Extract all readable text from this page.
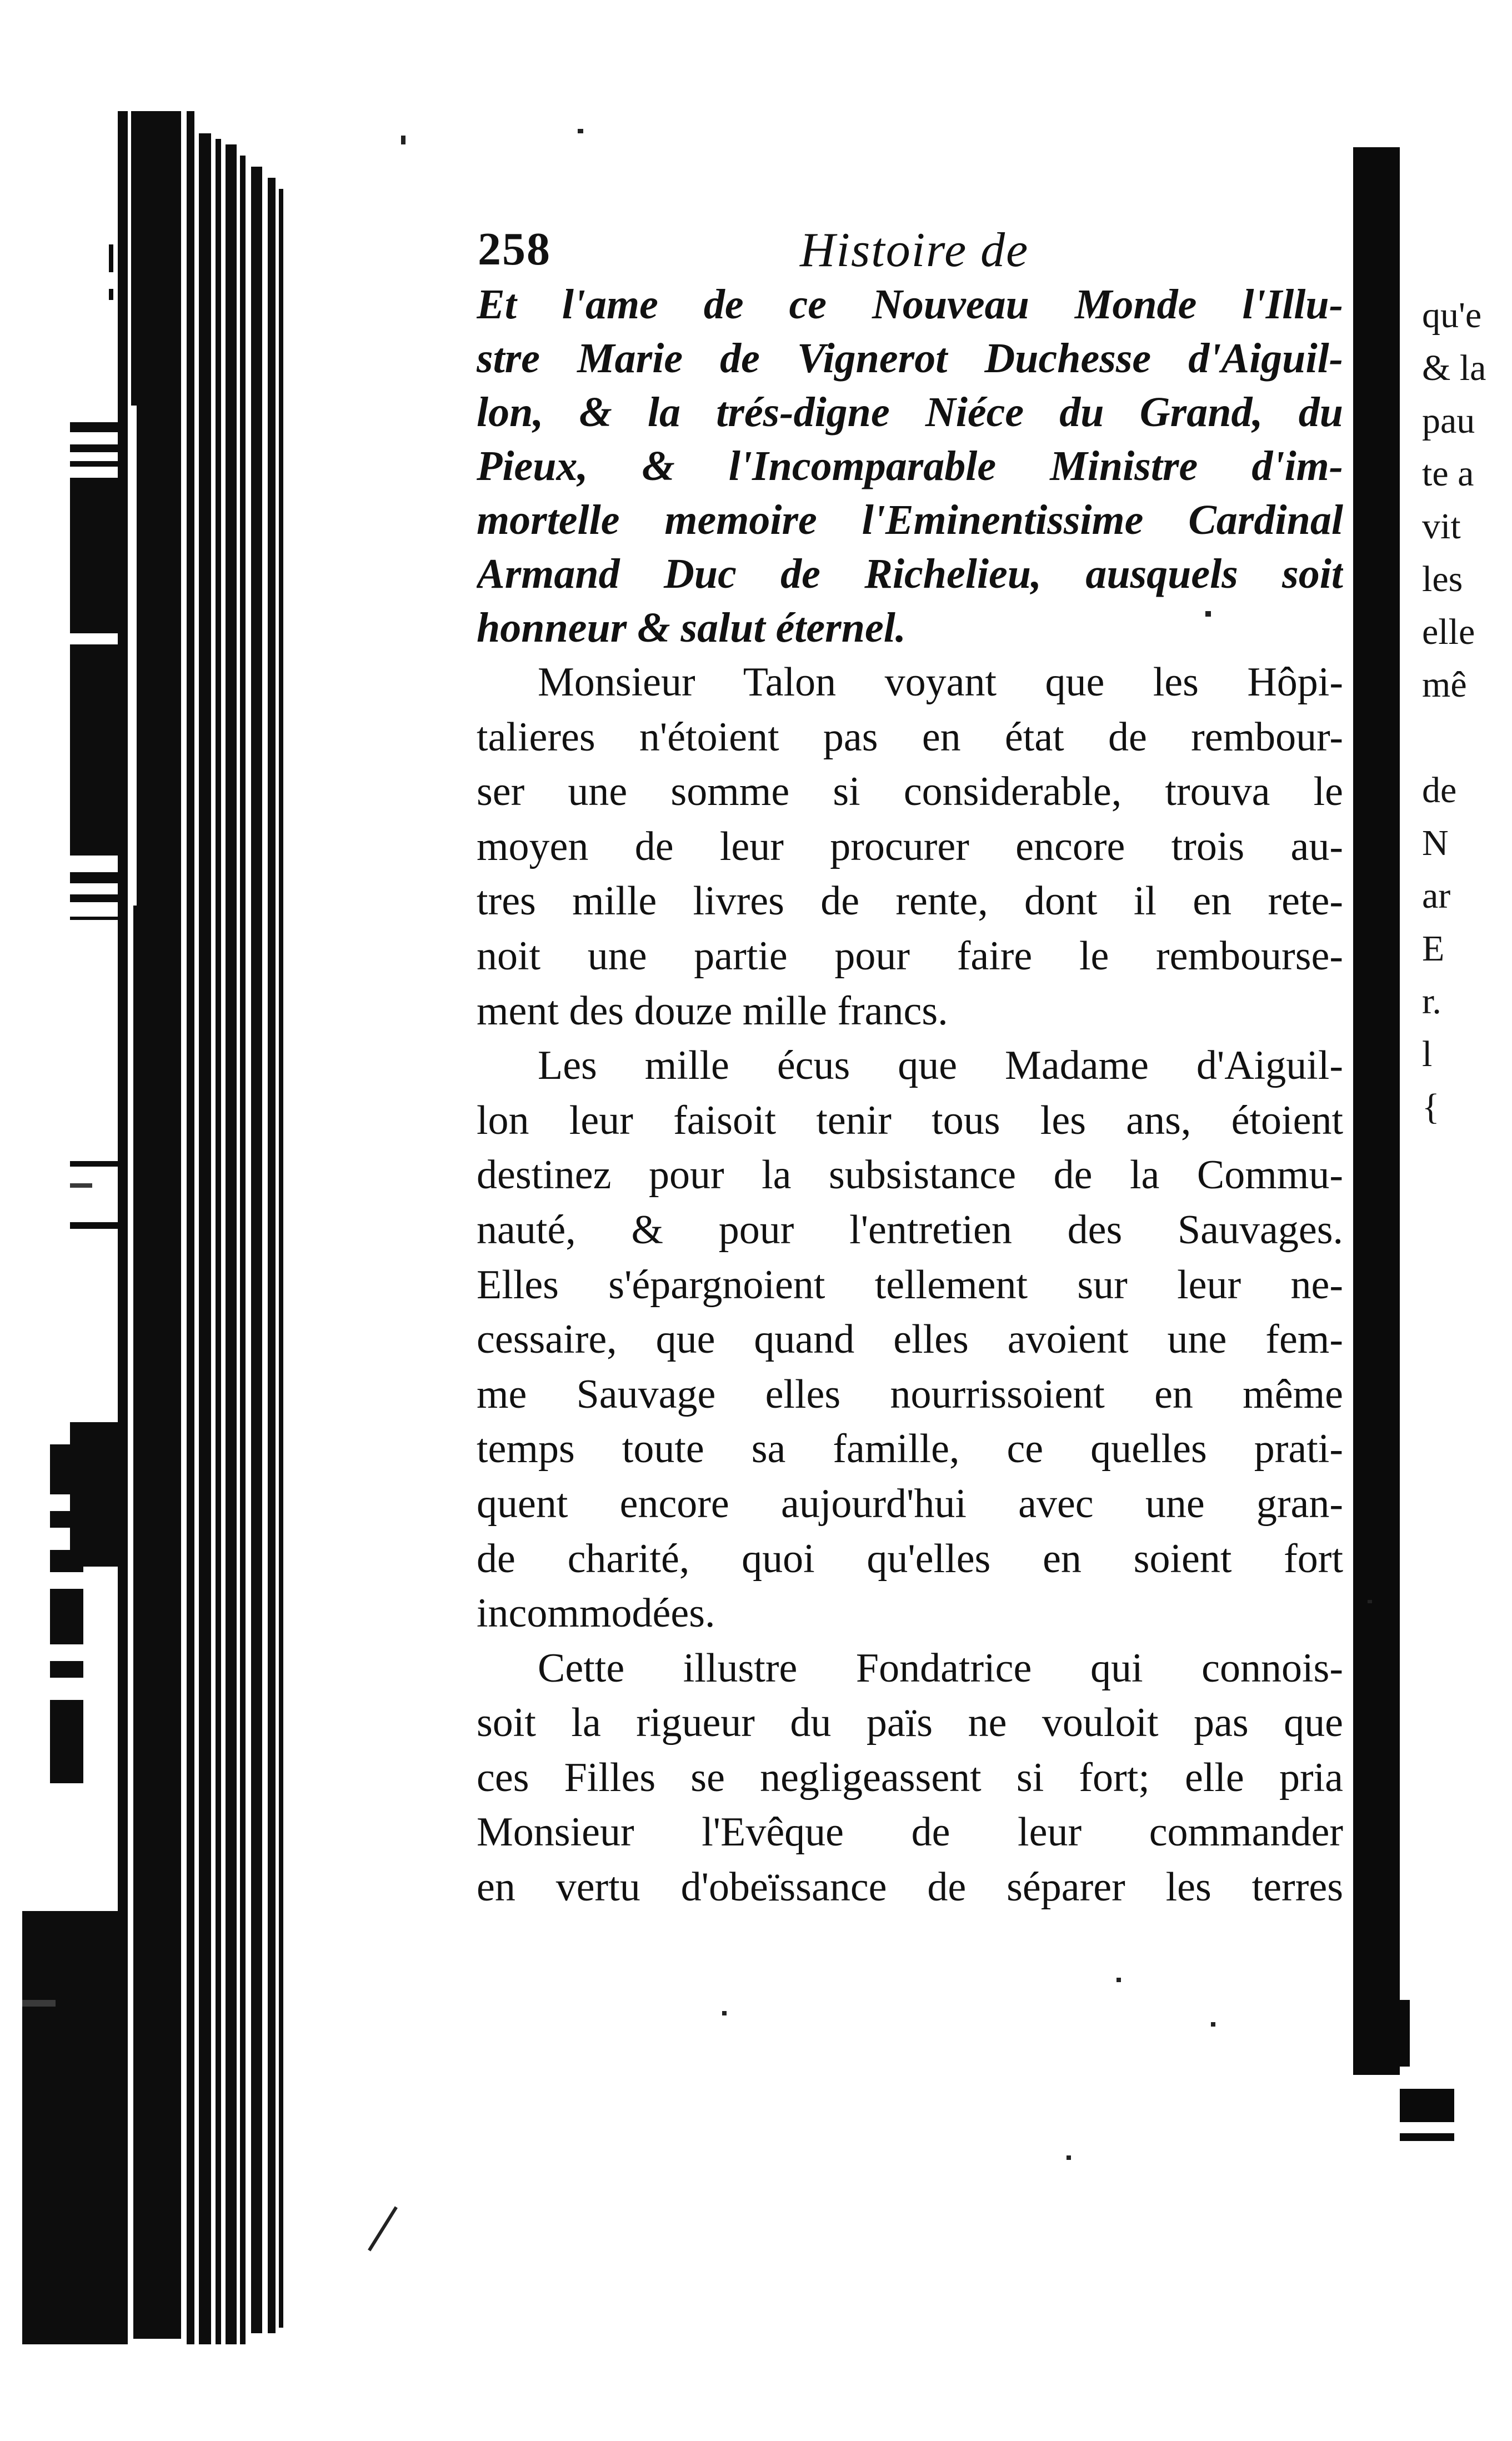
qu'e
& la
pau
te a
vit
les
elle
mê

de
N
ar
E
r.
l
{
258	Histoire de
Et l'ame de ce Nouveau Monde l'Illu-
stre Marie de Vignerot Duchesse d'Aiguil-
lon, & la trés-digne Niéce du Grand, du
Pieux, & l'Incomparable Ministre d'im-
mortelle memoire l'Eminentissime Cardinal
Armand Duc de Richelieu, ausquels soit
honneur & salut éternel.
Monsieur Talon voyant que les Hôpi-
talieres n'étoient pas en état de rembour-
ser une somme si considerable, trouva le
moyen de leur procurer encore trois au-
tres mille livres de rente, dont il en rete-
noit une partie pour faire le rembourse-
ment des douze mille francs.
Les mille écus que Madame d'Aiguil-
lon leur faisoit tenir tous les ans, étoient
destinez pour la subsistance de la Commu-
nauté, & pour l'entretien des Sauvages.
Elles s'épargnoient tellement sur leur ne-
cessaire, que quand elles avoient une fem-
me Sauvage elles nourrissoient en même
temps toute sa famille, ce quelles prati-
quent encore aujourd'hui avec une gran-
de charité, quoi qu'elles en soient fort
incommodées.
Cette illustre Fondatrice qui connois-
soit la rigueur du païs ne vouloit pas que
ces Filles se negligeassent si fort; elle pria
Monsieur l'Evêque de leur commander
en vertu d'obeïssance de séparer les terres
